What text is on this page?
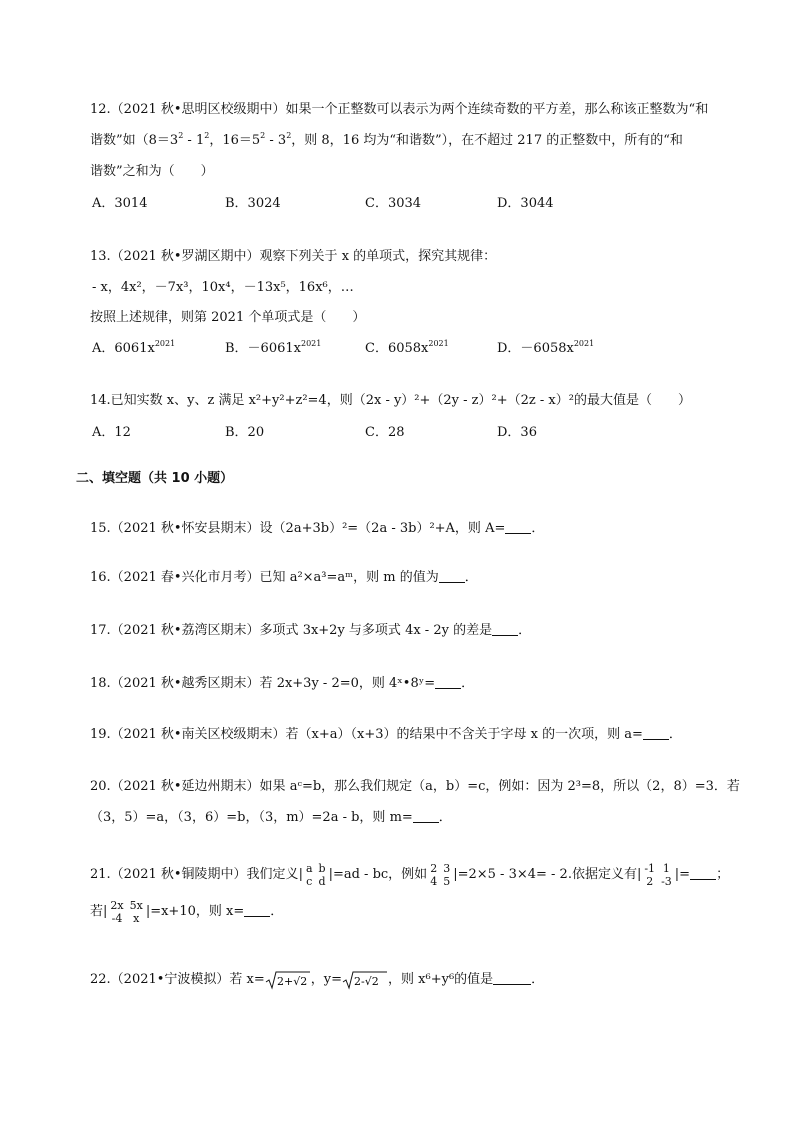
12.（2021 秋•思明区校级期中）如果一个正整数可以表示为两个连续奇数的平方差，那么称该正整数为“和
谐数”如（$8=3^2 - 1^2$，$16=5^2 - 3^2$，则 8，16 均为“和谐数”），在不超过 217 的正整数中，所有的“和
谐数”之和为（　　）
A．3014	B．3024	C．3034	D．3044
13.（2021 秋•罗湖区期中）观察下列关于 x 的单项式，探究其规律：
- x，4x²，－7x³，10x⁴，－13x⁵，16x⁶，…
按照上述规律，则第 2021 个单项式是（　　）
A．$6061x^{2021}$	B．$-6061x^{2021}$	C．$6058x^{2021}$	D．$-6058x^{2021}$
14.已知实数 x、y、z 满足 x²+y²+z²=4，则（2x - y）²+（2y - z）²+（2z - x）²的最大值是（　　）
A．12	B．20	C．28	D．36
二、填空题（共 10 小题）
15.（2021 秋•怀安县期末）设（2a+3b）²=（2a - 3b）²+A，则 A= ．
16.（2021 春•兴化市月考）已知 a²×a³=aᵐ，则 m 的值为 ．
17.（2021 秋•荔湾区期末）多项式 3x+2y 与多项式 4x - 2y 的差是 ．
18.（2021 秋•越秀区期末）若 2x+3y - 2=0，则 4ˣ•8ʸ= ．
19.（2021 秋•南关区校级期末）若（x+a）（x+3）的结果中不含关于字母 x 的一次项，则 a= ．
20.（2021 秋•延边州期末）如果 aᶜ=b，那么我们规定（a，b）=c，例如：因为 2³=8，所以（2，8）=3．若
（3，5）=a，（3，6）=b，（3，m）=2a - b，则 m= ．
21.（2021 秋•铜陵期中）我们定义| a	b
c	d |=ad - bc，例如 2	3
4	5 |=2×5 - 3×4= - 2.依据定义有| -1	1
2	-3 |= ；
若| 2x	5x
-4	x |=x+10，则 x= ．
22.（2021•宁波模拟）若 x= 2+√2 ，y= 2-√2 ，则 x⁶+y⁶的值是	．
